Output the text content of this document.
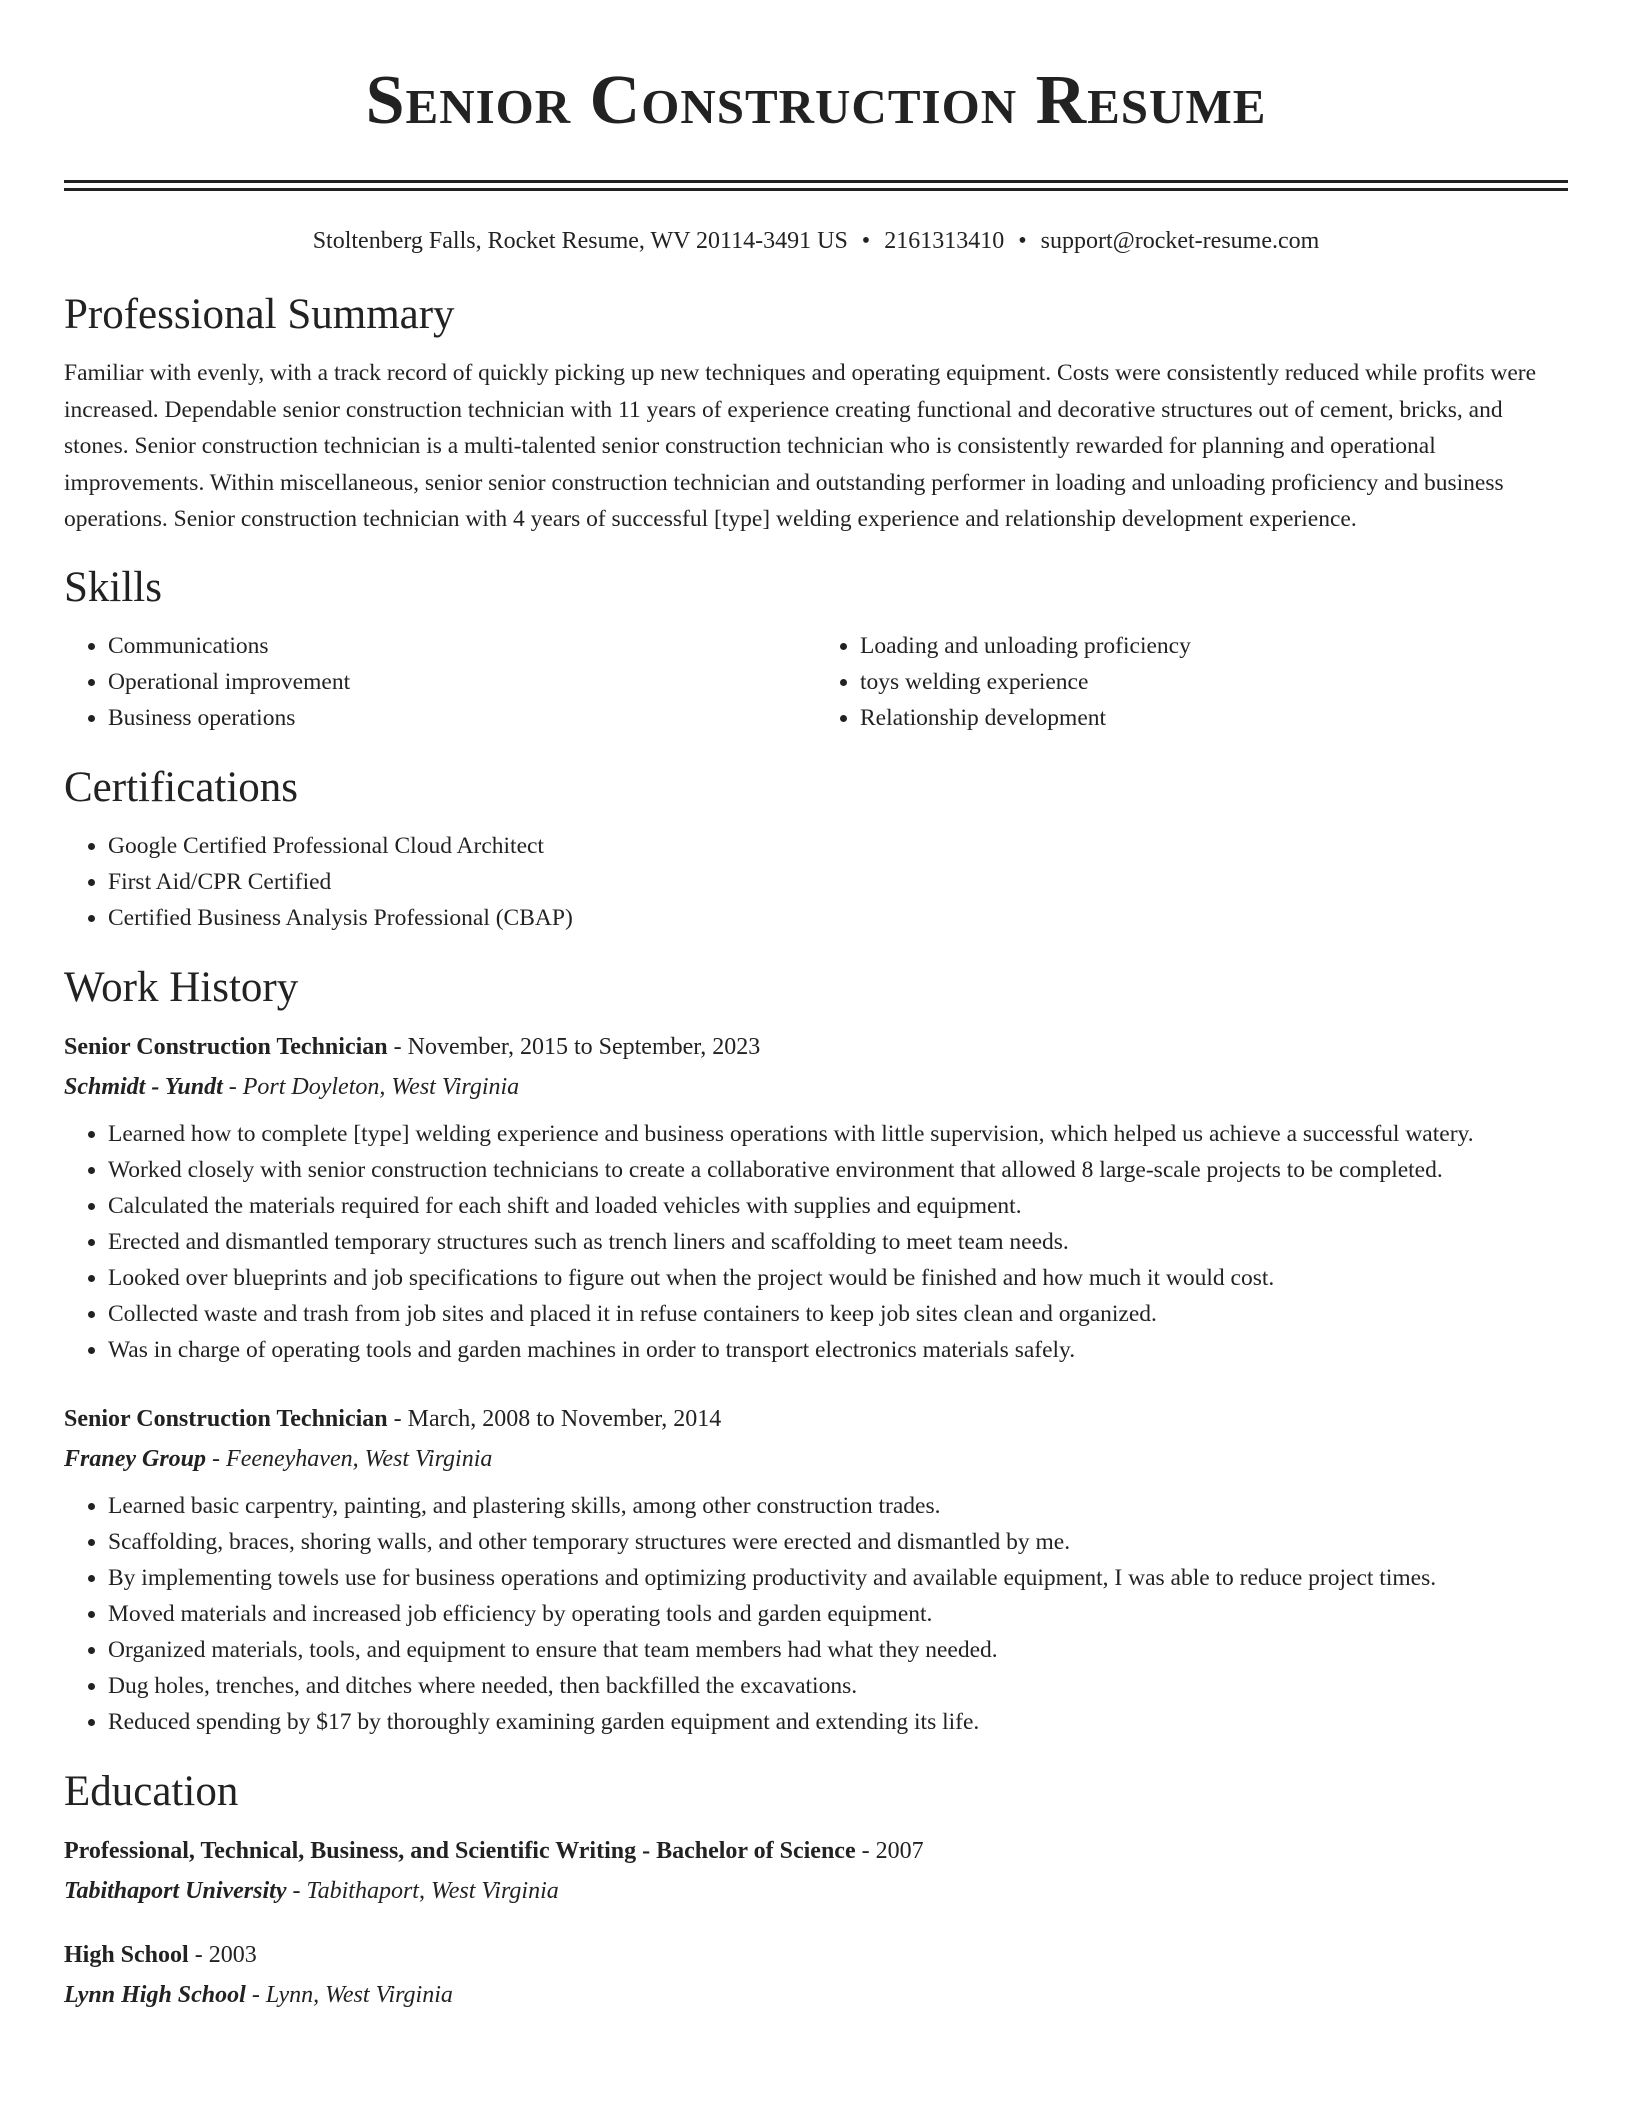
Senior Construction Resume
Stoltenberg Falls, Rocket Resume, WV 20114-3491 US • 2161313410 • support@rocket-resume.com
Professional Summary

Familiar with evenly, with a track record of quickly picking up new techniques and operating equipment. Costs were consistently reduced while profits were increased. Dependable senior construction technician with 11 years of experience creating functional and decorative structures out of cement, bricks, and stones. Senior construction technician is a multi-talented senior construction technician who is consistently rewarded for planning and operational improvements. Within miscellaneous, senior senior construction technician and outstanding performer in loading and unloading proficiency and business operations. Senior construction technician with 4 years of successful [type] welding experience and relationship development experience.

Skills
• Communications
• Operational improvement
• Business operations
• Loading and unloading proficiency
• toys welding experience
• Relationship development
Certifications
• Google Certified Professional Cloud Architect
• First Aid/CPR Certified
• Certified Business Analysis Professional (CBAP)
Work History
Senior Construction Technician - November, 2015 to September, 2023
Schmidt - Yundt - Port Doyleton, West Virginia
• Learned how to complete [type] welding experience and business operations with little supervision, which helped us achieve a successful watery.
• Worked closely with senior construction technicians to create a collaborative environment that allowed 8 large-scale projects to be completed.
• Calculated the materials required for each shift and loaded vehicles with supplies and equipment.
• Erected and dismantled temporary structures such as trench liners and scaffolding to meet team needs.
• Looked over blueprints and job specifications to figure out when the project would be finished and how much it would cost.
• Collected waste and trash from job sites and placed it in refuse containers to keep job sites clean and organized.
• Was in charge of operating tools and garden machines in order to transport electronics materials safely.
Senior Construction Technician - March, 2008 to November, 2014
Franey Group - Feeneyhaven, West Virginia
• Learned basic carpentry, painting, and plastering skills, among other construction trades.
• Scaffolding, braces, shoring walls, and other temporary structures were erected and dismantled by me.
• By implementing towels use for business operations and optimizing productivity and available equipment, I was able to reduce project times.
• Moved materials and increased job efficiency by operating tools and garden equipment.
• Organized materials, tools, and equipment to ensure that team members had what they needed.
• Dug holes, trenches, and ditches where needed, then backfilled the excavations.
• Reduced spending by $17 by thoroughly examining garden equipment and extending its life.
Education
Professional, Technical, Business, and Scientific Writing - Bachelor of Science - 2007
Tabithaport University - Tabithaport, West Virginia
High School - 2003
Lynn High School - Lynn, West Virginia
